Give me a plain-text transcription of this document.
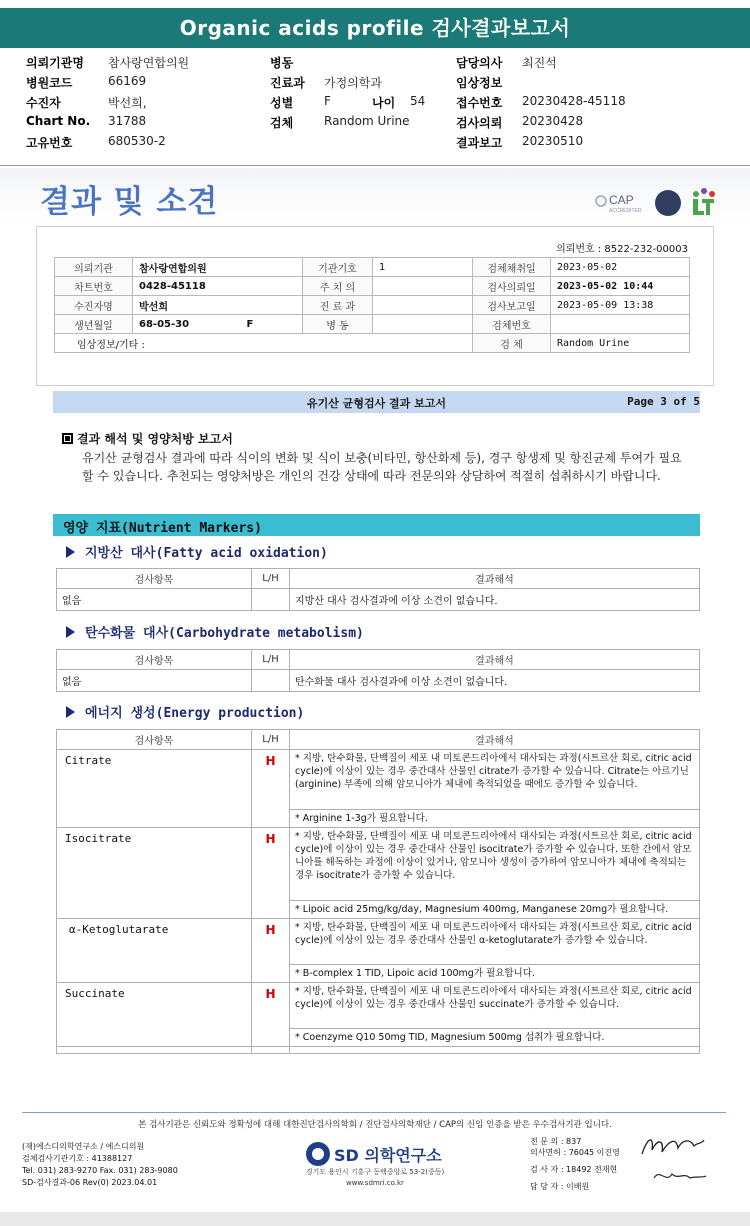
Organic acids profile 검사결과보고서
의뢰기관명 참사랑연합의원	병동	담당의사 최진석
병원코드	66169	진료과 가정의학과	임상정보
수진자	박선희,	성별	F	나이 54	접수번호 20230428-45118
Chart No. 31788	검체	Random Urine	검사의뢰 20230428
고유번호	680530-2	결과보고 20230510
결과 및 소견	CAP
ACCREDITED
의뢰번호 : 8522-232-00003
의뢰기관	참사랑연합의원	기관기호	1	검체채취일	2023-05-02
차트번호	0428-45118	주 치 의		검사의뢰일	2023-05-02 10:44
수진자명	박선희	진 료 과		검사보고일	2023-05-09 13:38
생년월일	68-05-30 F	병 동		검체번호	
임상정보/기타 :				검 체	Random Urine
유기산 균형검사 결과 보고서	Page 3 of 5
결과 해석 및 영양처방 보고서
유기산 균형검사 결과에 따라 식이의 변화 및 식이 보충(비타민, 항산화제 등), 경구 항생제 및 항진균제 투여가 필요할 수 있습니다. 추천되는 영양처방은 개인의 건강 상태에 따라 전문의와 상담하여 적절히 섭취하시기 바랍니다.
영양 지표(Nutrient Markers)
지방산 대사(Fatty acid oxidation)
검사항목	L/H	결과해석
없음		지방산 대사 검사결과에 이상 소견이 없습니다.
탄수화물 대사(Carbohydrate metabolism)
검사항목	L/H	결과해석
없음		탄수화물 대사 검사결과에 이상 소견이 없습니다.
에너지 생성(Energy production)
검사항목	L/H	결과해석
Citrate	H	* 지방, 탄수화물, 단백질이 세포 내 미토콘드리아에서 대사되는 과정(시트르산 회로, citric acid cycle)에 이상이 있는 경우 중간대사 산물인 citrate가 증가할 수 있습니다. Citrate는 아르기닌(arginine) 부족에 의해 암모니아가 체내에 축적되었을 때에도 증가할 수 있습니다.
		* Arginine 1-3g가 필요합니다.
Isocitrate	H	* 지방, 탄수화물, 단백질이 세포 내 미토콘드리아에서 대사되는 과정(시트르산 회로, citric acid cycle)에 이상이 있는 경우 중간대사 산물인 isocitrate가 증가할 수 있습니다. 또한 간에서 암모니아를 해독하는 과정에 이상이 있거나, 암모니아 생성이 증가하여 암모니아가 체내에 축적되는 경우 isocitrate가 증가할 수 있습니다.
		* Lipoic acid 25mg/kg/day, Magnesium 400mg, Manganese 20mg가 필요합니다.
α-Ketoglutarate	H	* 지방, 탄수화물, 단백질이 세포 내 미토콘드리아에서 대사되는 과정(시트르산 회로, citric acid cycle)에 이상이 있는 경우 중간대사 산물인 α-ketoglutarate가 증가할 수 있습니다.
		* B-complex 1 TID, Lipoic acid 100mg가 필요합니다.
Succinate	H	* 지방, 탄수화물, 단백질이 세포 내 미토콘드리아에서 대사되는 과정(시트르산 회로, citric acid cycle)에 이상이 있는 경우 중간대사 산물인 succinate가 증가할 수 있습니다.
		* Coenzyme Q10 50mg TID, Magnesium 500mg 섭취가 필요합니다.

본 검사기관은 신뢰도와 정확성에 대해 대한진단검사의학회 / 진단검사의학재단 / CAP의 신임 인증을 받은 우수검사기관 입니다.
(재)에스디의학연구소 / 에스디의원
검체검사기관기호 : 41388127
Tel. 031) 283-9270 Fax. 031) 283-9080
SD-검사결과-06 Rev(0) 2023.04.01
SD 의학연구소
경기도 용인시 기흥구 동백중앙로 53-2(중동)
www.sdmri.co.kr
전 문 의 : 837
의사면허 : 76045 이진영
검 사 자 : 18492 전재현
담 당 자 : 이배원
